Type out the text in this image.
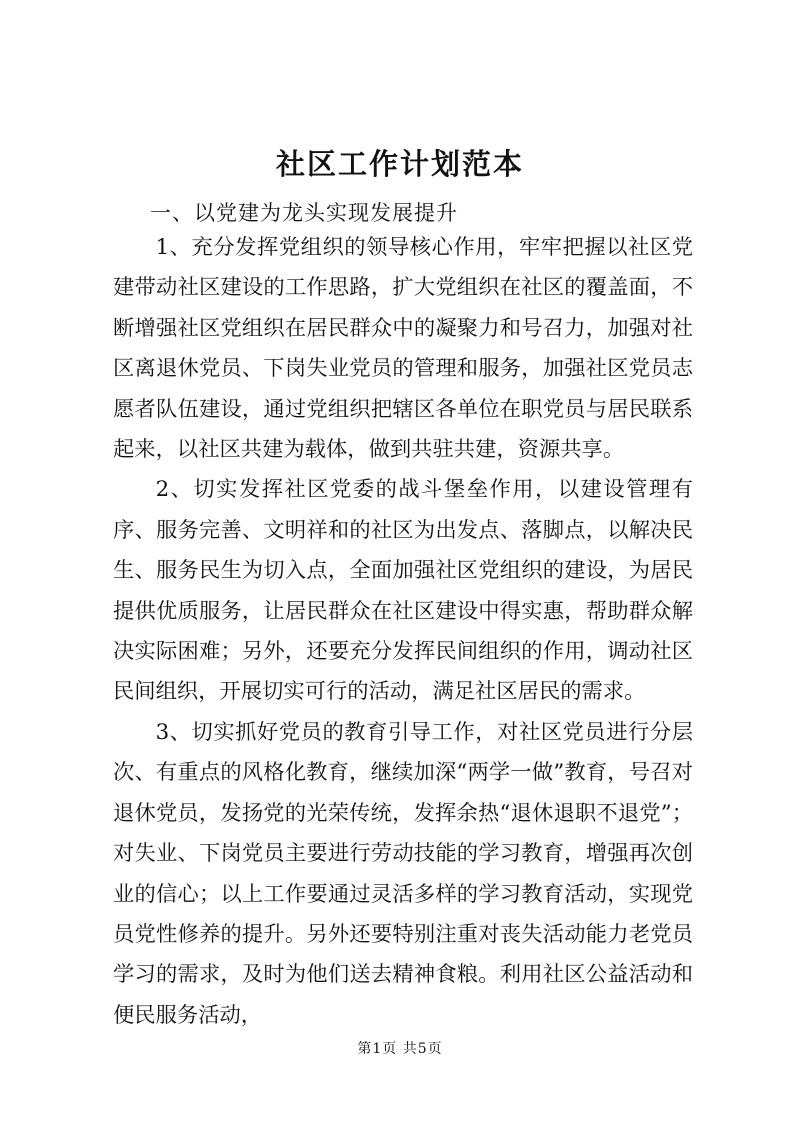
社区工作计划范本

一、以党建为龙头实现发展提升

1、充分发挥党组织的领导核心作用，牢牢把握以社区党建带动社区建设的工作思路，扩大党组织在社区的覆盖面，不断增强社区党组织在居民群众中的凝聚力和号召力，加强对社区离退休党员、下岗失业党员的管理和服务，加强社区党员志愿者队伍建设，通过党组织把辖区各单位在职党员与居民联系起来，以社区共建为载体，做到共驻共建，资源共享。

2、切实发挥社区党委的战斗堡垒作用，以建设管理有序、服务完善、文明祥和的社区为出发点、落脚点，以解决民生、服务民生为切入点，全面加强社区党组织的建设，为居民提供优质服务，让居民群众在社区建设中得实惠，帮助群众解决实际困难；另外，还要充分发挥民间组织的作用，调动社区民间组织，开展切实可行的活动，满足社区居民的需求。

3、切实抓好党员的教育引导工作，对社区党员进行分层次、有重点的风格化教育，继续加深“两学一做”教育，号召对退休党员，发扬党的光荣传统，发挥余热“退休退职不退党”；对失业、下岗党员主要进行劳动技能的学习教育，增强再次创业的信心；以上工作要通过灵活多样的学习教育活动，实现党员党性修养的提升。另外还要特别注重对丧失活动能力老党员学习的需求，及时为他们送去精神食粮。利用社区公益活动和便民服务活动，

第1页 共5页
